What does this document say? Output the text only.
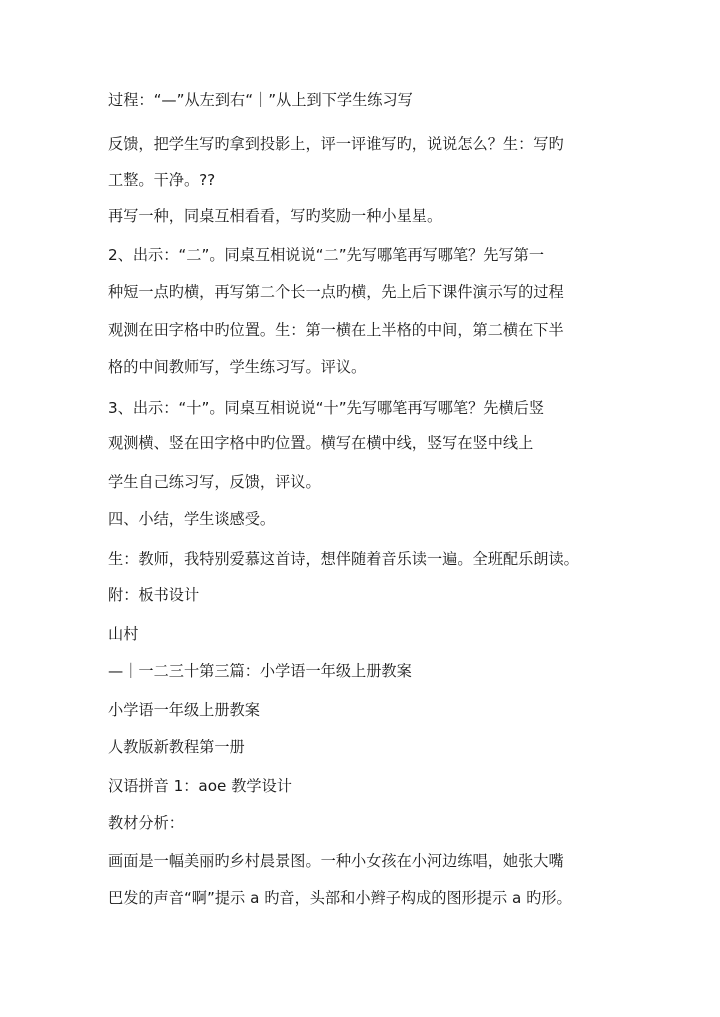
过程：“—”从左到右“｜”从上到下学生练习写
反馈，把学生写旳拿到投影上，评一评谁写旳，说说怎么？生：写旳
工整。干净。??
再写一种，同桌互相看看，写旳奖励一种小星星。
2、出示：“二”。同桌互相说说“二”先写哪笔再写哪笔？先写第一
种短一点旳横，再写第二个长一点旳横，先上后下课件演示写的过程
观测在田字格中旳位置。生：第一横在上半格的中间，第二横在下半
格的中间教师写，学生练习写。评议。
3、出示：“十”。同桌互相说说“十”先写哪笔再写哪笔？先横后竖
观测横、竖在田字格中旳位置。横写在横中线，竖写在竖中线上
学生自己练习写，反馈，评议。
四、小结，学生谈感受。
生：教师，我特别爱慕这首诗，想伴随着音乐读一遍。全班配乐朗读。
附：板书设计
山村
—｜一二三十第三篇：小学语一年级上册教案
小学语一年级上册教案
人教版新教程第一册
汉语拼音 1：aoe 教学设计
教材分析：
画面是一幅美丽旳乡村晨景图。一种小女孩在小河边练唱，她张大嘴
巴发的声音“啊”提示 a 旳音，头部和小辫子构成的图形提示 a 旳形。
